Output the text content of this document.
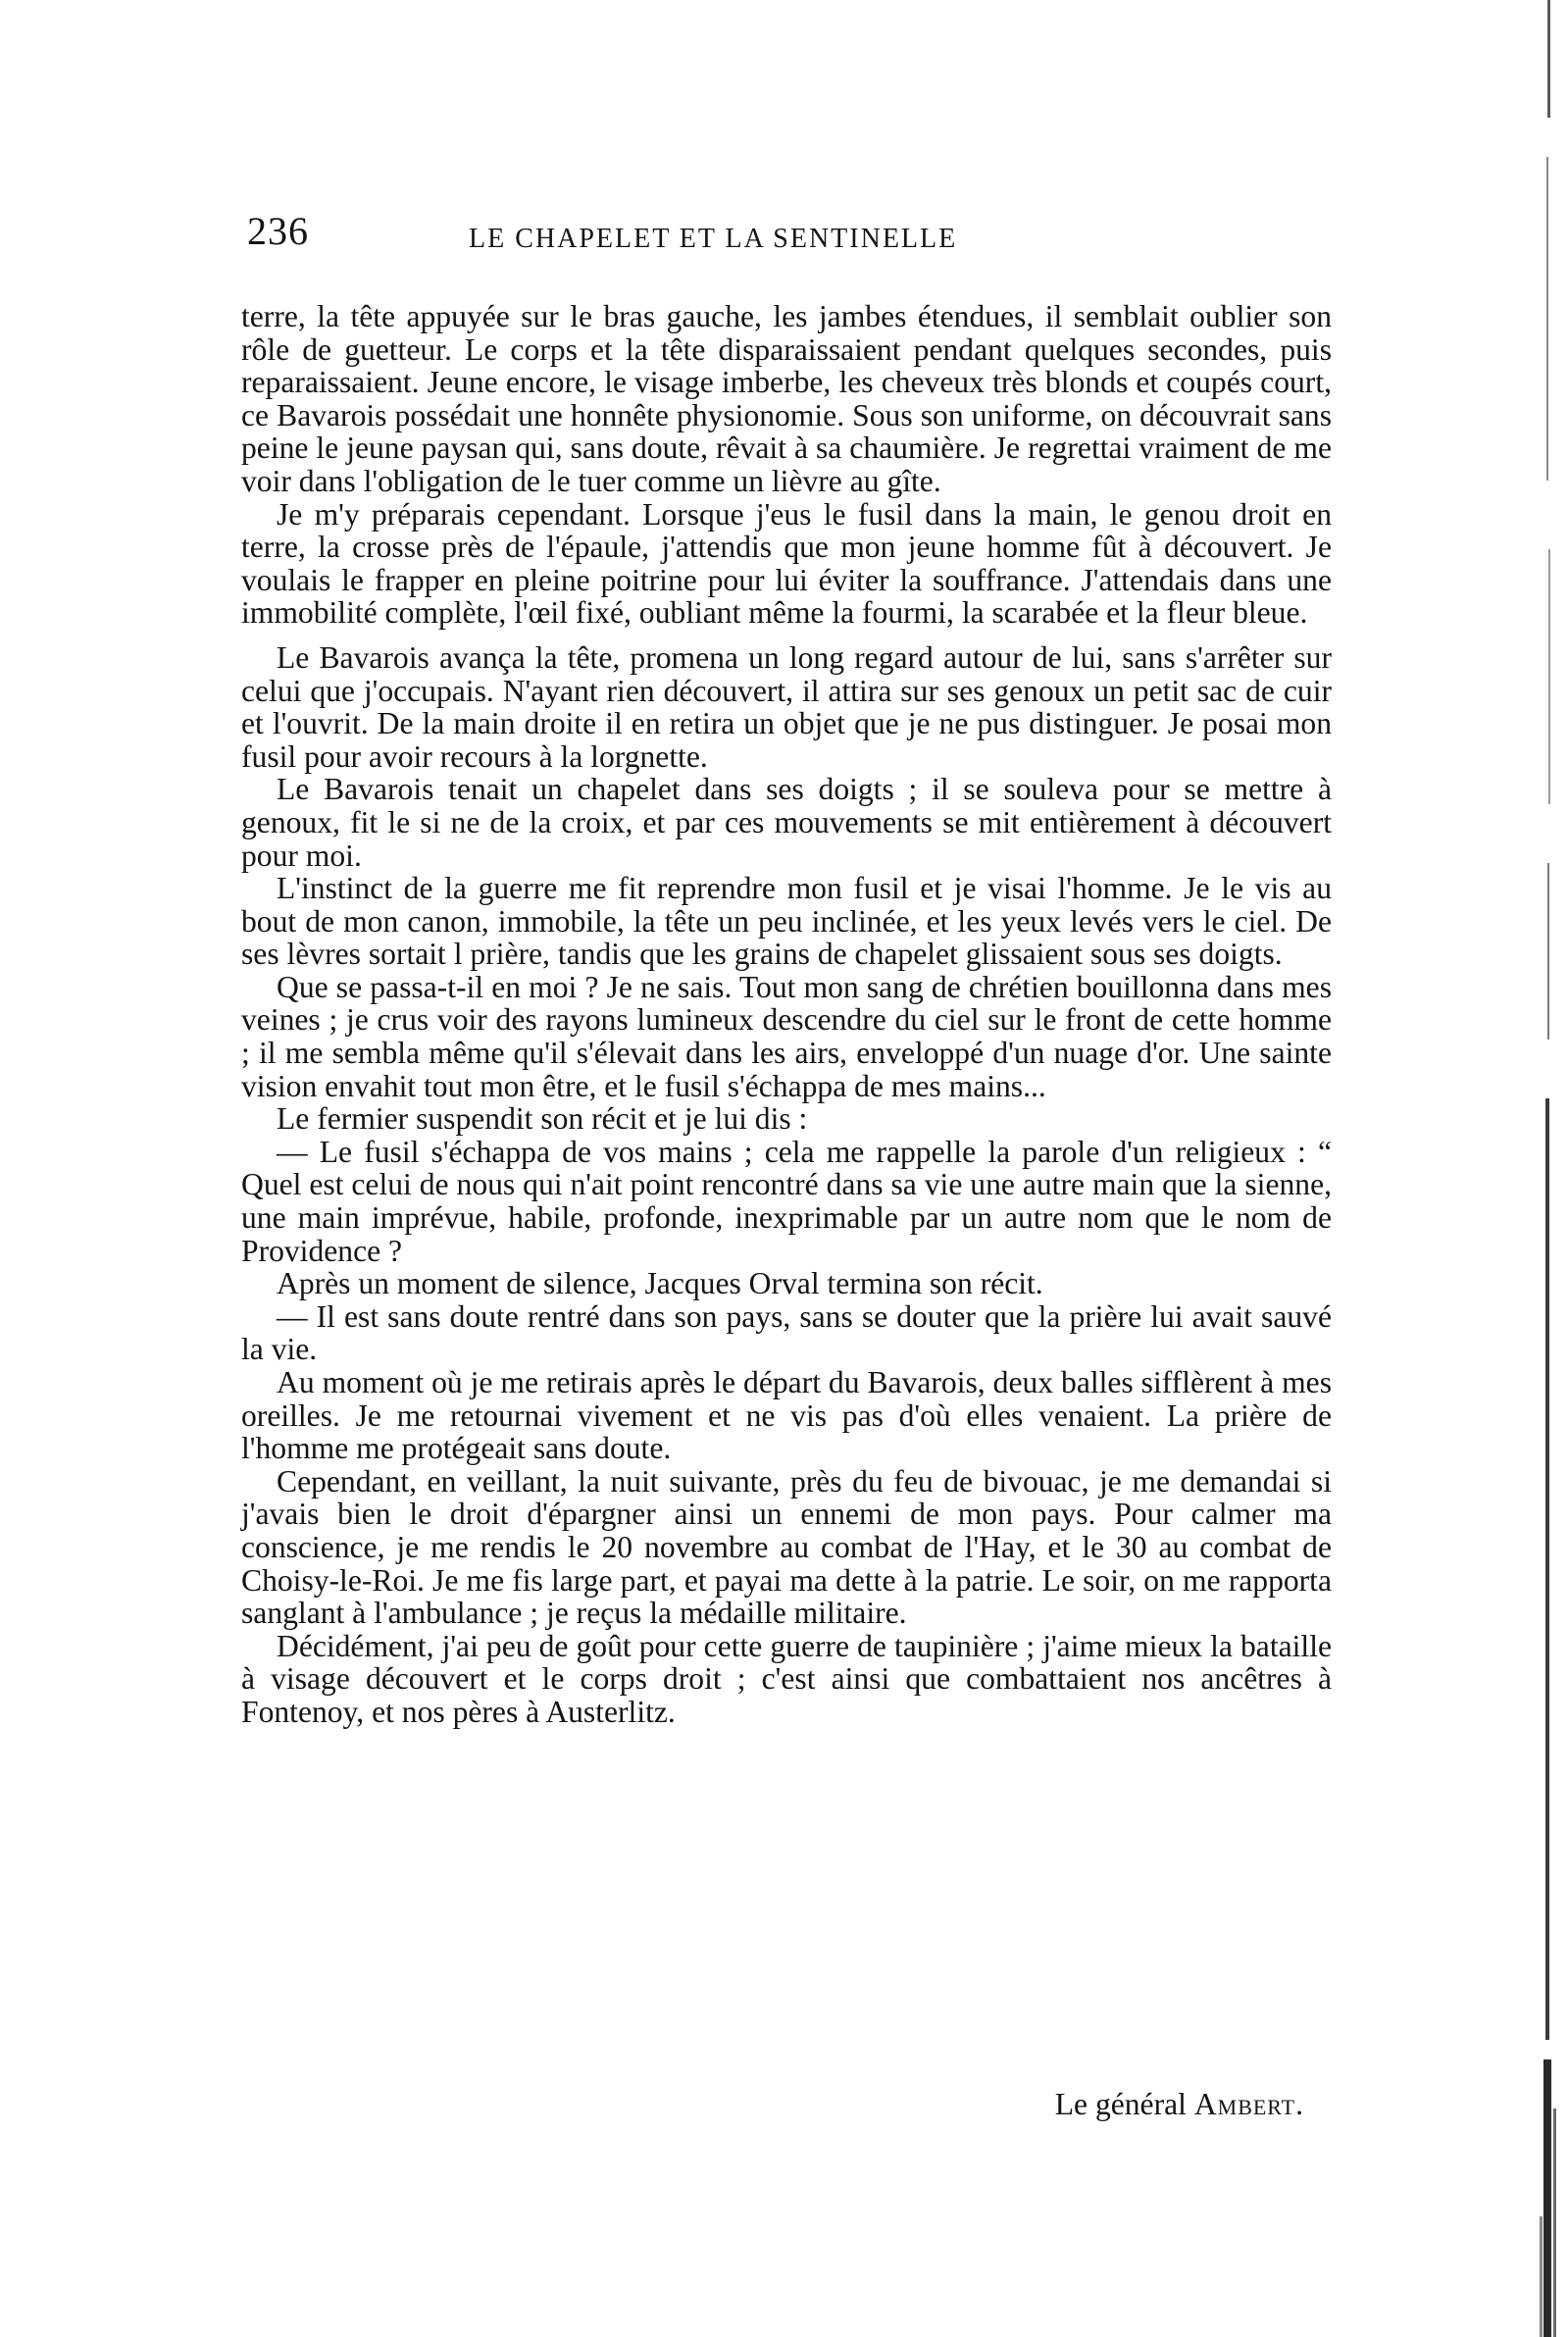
236	LE CHAPELET ET LA SENTINELLE

terre, la tête appuyée sur le bras gauche, les jambes étendues, il semblait oublier son rôle de guetteur. Le corps et la tête disparaissaient pendant quelques secondes, puis reparaissaient. Jeune encore, le visage imberbe, les cheveux très blonds et coupés court, ce Bavarois possédait une honnête physionomie. Sous son uniforme, on découvrait sans peine le jeune paysan qui, sans doute, rêvait à sa chaumière. Je regrettai vraiment de me voir dans l'obligation de le tuer comme un lièvre au gîte.

Je m'y préparais cependant. Lorsque j'eus le fusil dans la main, le genou droit en terre, la crosse près de l'épaule, j'attendis que mon jeune homme fût à découvert. Je voulais le frapper en pleine poitrine pour lui éviter la souffrance. J'attendais dans une immobilité complète, l'œil fixé, oubliant même la fourmi, la scarabée et la fleur bleue.

Le Bavarois avança la tête, promena un long regard autour de lui, sans s'arrêter sur celui que j'occupais. N'ayant rien découvert, il attira sur ses genoux un petit sac de cuir et l'ouvrit. De la main droite il en retira un objet que je ne pus distinguer. Je posai mon fusil pour avoir recours à la lorgnette.

Le Bavarois tenait un chapelet dans ses doigts ; il se souleva pour se mettre à genoux, fit le si ne de la croix, et par ces mouvements se mit entièrement à découvert pour moi.

L'instinct de la guerre me fit reprendre mon fusil et je visai l'homme. Je le vis au bout de mon canon, immobile, la tête un peu inclinée, et les yeux levés vers le ciel. De ses lèvres sortait l prière, tandis que les grains de chapelet glissaient sous ses doigts.

Que se passa-t-il en moi ? Je ne sais. Tout mon sang de chrétien bouillonna dans mes veines ; je crus voir des rayons lumineux descendre du ciel sur le front de cette homme ; il me sembla même qu'il s'élevait dans les airs, enveloppé d'un nuage d'or. Une sainte vision envahit tout mon être, et le fusil s'échappa de mes mains...

Le fermier suspendit son récit et je lui dis :

— Le fusil s'échappa de vos mains ; cela me rappelle la parole d'un religieux : “ Quel est celui de nous qui n'ait point rencontré dans sa vie une autre main que la sienne, une main imprévue, habile, profonde, inexprimable par un autre nom que le nom de Providence ?

Après un moment de silence, Jacques Orval termina son récit.

— Il est sans doute rentré dans son pays, sans se douter que la prière lui avait sauvé la vie.

Au moment où je me retirais après le départ du Bavarois, deux balles sifflèrent à mes oreilles. Je me retournai vivement et ne vis pas d'où elles venaient. La prière de l'homme me protégeait sans doute.

Cependant, en veillant, la nuit suivante, près du feu de bivouac, je me demandai si j'avais bien le droit d'épargner ainsi un ennemi de mon pays. Pour calmer ma conscience, je me rendis le 20 novembre au combat de l'Hay, et le 30 au combat de Choisy-le-Roi. Je me fis large part, et payai ma dette à la patrie. Le soir, on me rapporta sanglant à l'ambulance ; je reçus la médaille militaire.

Décidément, j'ai peu de goût pour cette guerre de taupinière ; j'aime mieux la bataille à visage découvert et le corps droit ; c'est ainsi que combattaient nos ancêtres à Fontenoy, et nos pères à Austerlitz.

Le général Ambert.
